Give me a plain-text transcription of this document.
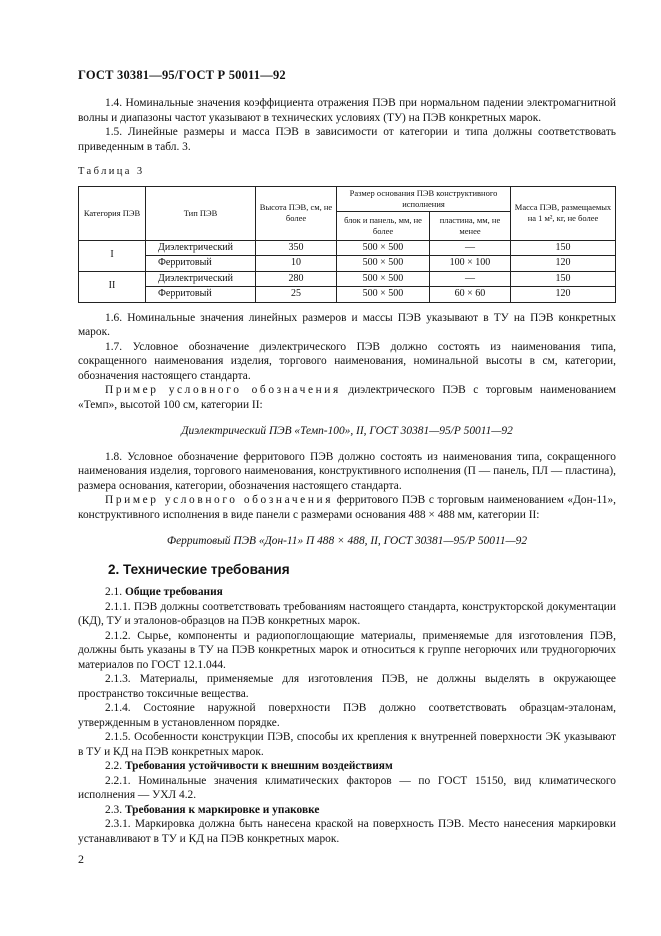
ГОСТ 30381—95/ГОСТ Р 50011—92

1.4. Номинальные значения коэффициента отражения ПЭВ при нормальном падении электромагнитной волны и диапазоны частот указывают в технических условиях (ТУ) на ПЭВ конкретных марок.

1.5. Линейные размеры и масса ПЭВ в зависимости от категории и типа должны соответствовать приведенным в табл. 3.

Таблица 3
Категория ПЭВ	Тип ПЭВ	Высота ПЭВ, см, не более	Размер основания ПЭВ конструктивного исполнения		Масса ПЭВ, размещаемых на 1 м², кг, не более
			блок и панель, мм, не более	пластина, мм, не менее	
I	Диэлектрический	350	500 × 500	—	150
	Ферритовый	10	500 × 500	100 × 100	120
II	Диэлектрический	280	500 × 500	—	150
	Ферритовый	25	500 × 500	60 × 60	120

1.6. Номинальные значения линейных размеров и массы ПЭВ указывают в ТУ на ПЭВ конкретных марок.

1.7. Условное обозначение диэлектрического ПЭВ должно состоять из наименования типа, сокращенного наименования изделия, торгового наименования, номинальной высоты в см, категории, обозначения настоящего стандарта.

Пример условного обозначения диэлектрического ПЭВ с торговым наименованием «Темп», высотой 100 см, категории II:

Диэлектрический ПЭВ «Темп-100», II, ГОСТ 30381—95/Р 50011—92

1.8. Условное обозначение ферритового ПЭВ должно состоять из наименования типа, сокращенного наименования изделия, торгового наименования, конструктивного исполнения (П — панель, ПЛ — пластина), размера основания, категории, обозначения настоящего стандарта.

Пример условного обозначения ферритового ПЭВ с торговым наименованием «Дон-11», конструктивного исполнения в виде панели с размерами основания 488 × 488 мм, категории II:

Ферритовый ПЭВ «Дон-11» П 488 × 488, II, ГОСТ 30381—95/Р 50011—92

2. Технические требования

2.1. Общие требования

2.1.1. ПЭВ должны соответствовать требованиям настоящего стандарта, конструкторской документации (КД), ТУ и эталонов-образцов на ПЭВ конкретных марок.

2.1.2. Сырье, компоненты и радиопоглощающие материалы, применяемые для изготовления ПЭВ, должны быть указаны в ТУ на ПЭВ конкретных марок и относиться к группе негорючих или трудногорючих материалов по ГОСТ 12.1.044.

2.1.3. Материалы, применяемые для изготовления ПЭВ, не должны выделять в окружающее пространство токсичные вещества.

2.1.4. Состояние наружной поверхности ПЭВ должно соответствовать образцам-эталонам, утвержденным в установленном порядке.

2.1.5. Особенности конструкции ПЭВ, способы их крепления к внутренней поверхности ЭК указывают в ТУ и КД на ПЭВ конкретных марок.

2.2. Требования устойчивости к внешним воздействиям

2.2.1. Номинальные значения климатических факторов — по ГОСТ 15150, вид климатического исполнения — УХЛ 4.2.

2.3. Требования к маркировке и упаковке

2.3.1. Маркировка должна быть нанесена краской на поверхность ПЭВ. Место нанесения маркировки устанавливают в ТУ и КД на ПЭВ конкретных марок.

2
